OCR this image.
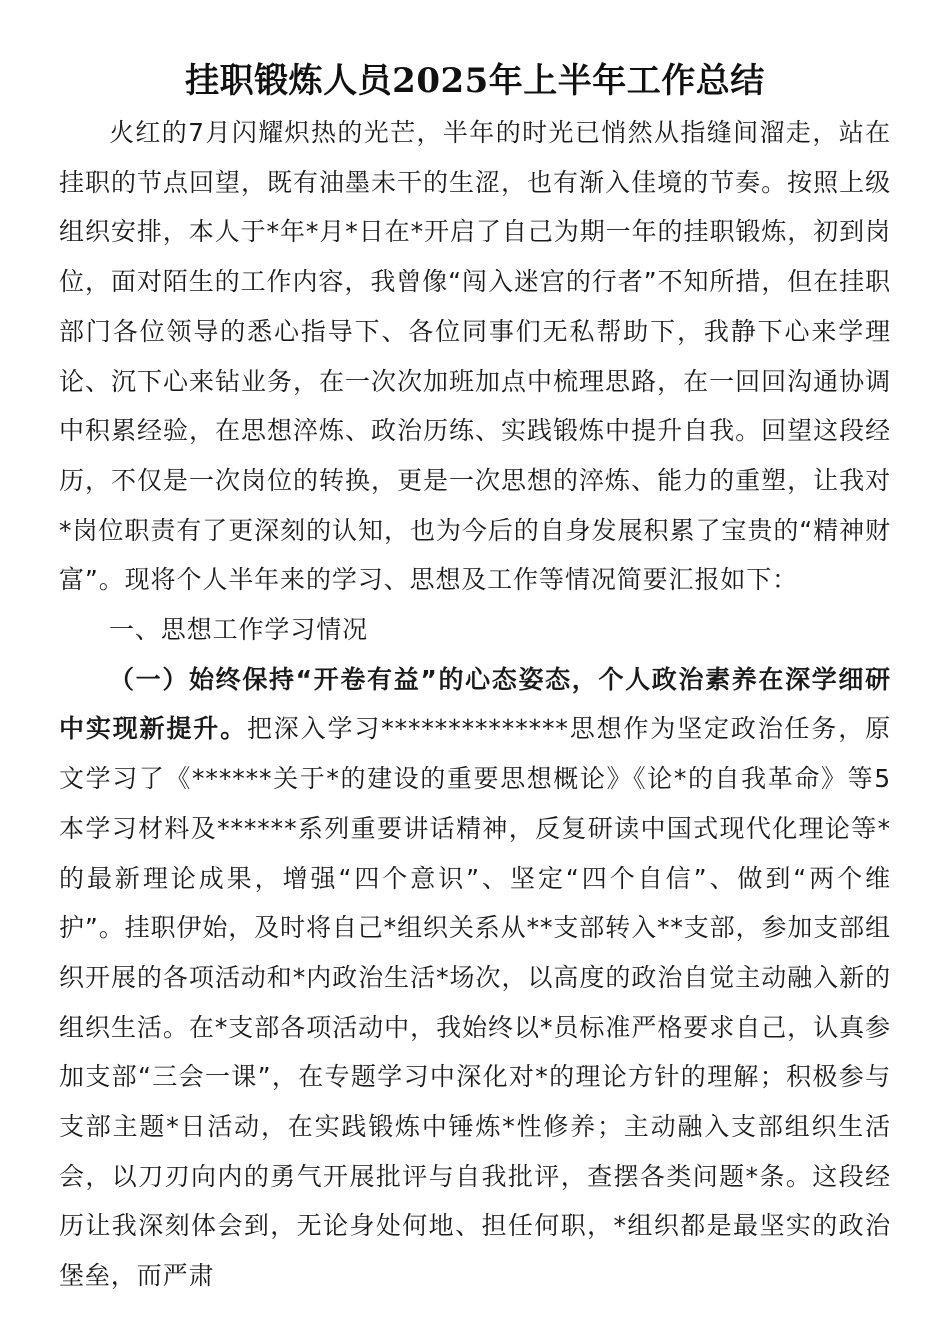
挂职锻炼人员2025年上半年工作总结

火红的7月闪耀炽热的光芒，半年的时光已悄然从指缝间溜走，站在挂职的节点回望，既有油墨未干的生涩，也有渐入佳境的节奏。按照上级组织安排，本人于*年*月*日在*开启了自己为期一年的挂职锻炼，初到岗位，面对陌生的工作内容，我曾像“闯入迷宫的行者”不知所措，但在挂职部门各位领导的悉心指导下、各位同事们无私帮助下，我静下心来学理论、沉下心来钻业务，在一次次加班加点中梳理思路，在一回回沟通协调中积累经验，在思想淬炼、政治历练、实践锻炼中提升自我。回望这段经历，不仅是一次岗位的转换，更是一次思想的淬炼、能力的重塑，让我对*岗位职责有了更深刻的认知，也为今后的自身发展积累了宝贵的“精神财富”。现将个人半年来的学习、思想及工作等情况简要汇报如下：

一、思想工作学习情况

（一）始终保持“开卷有益”的心态姿态，个人政治素养在深学细研中实现新提升。把深入学习**************思想作为坚定政治任务，原文学习了《******关于*的建设的重要思想概论》《论*的自我革命》等5本学习材料及******系列重要讲话精神，反复研读中国式现代化理论等*的最新理论成果，增强“四个意识”、坚定“四个自信”、做到“两个维护”。挂职伊始，及时将自己*组织关系从**支部转入**支部，参加支部组织开展的各项活动和*内政治生活*场次，以高度的政治自觉主动融入新的组织生活。在*支部各项活动中，我始终以*员标准严格要求自己，认真参加支部“三会一课”，在专题学习中深化对*的理论方针的理解；积极参与支部主题*日活动，在实践锻炼中锤炼*性修养；主动融入支部组织生活会，以刀刃向内的勇气开展批评与自我批评，查摆各类问题*条。这段经历让我深刻体会到，无论身处何地、担任何职，*组织都是最坚实的政治堡垒，而严肃
